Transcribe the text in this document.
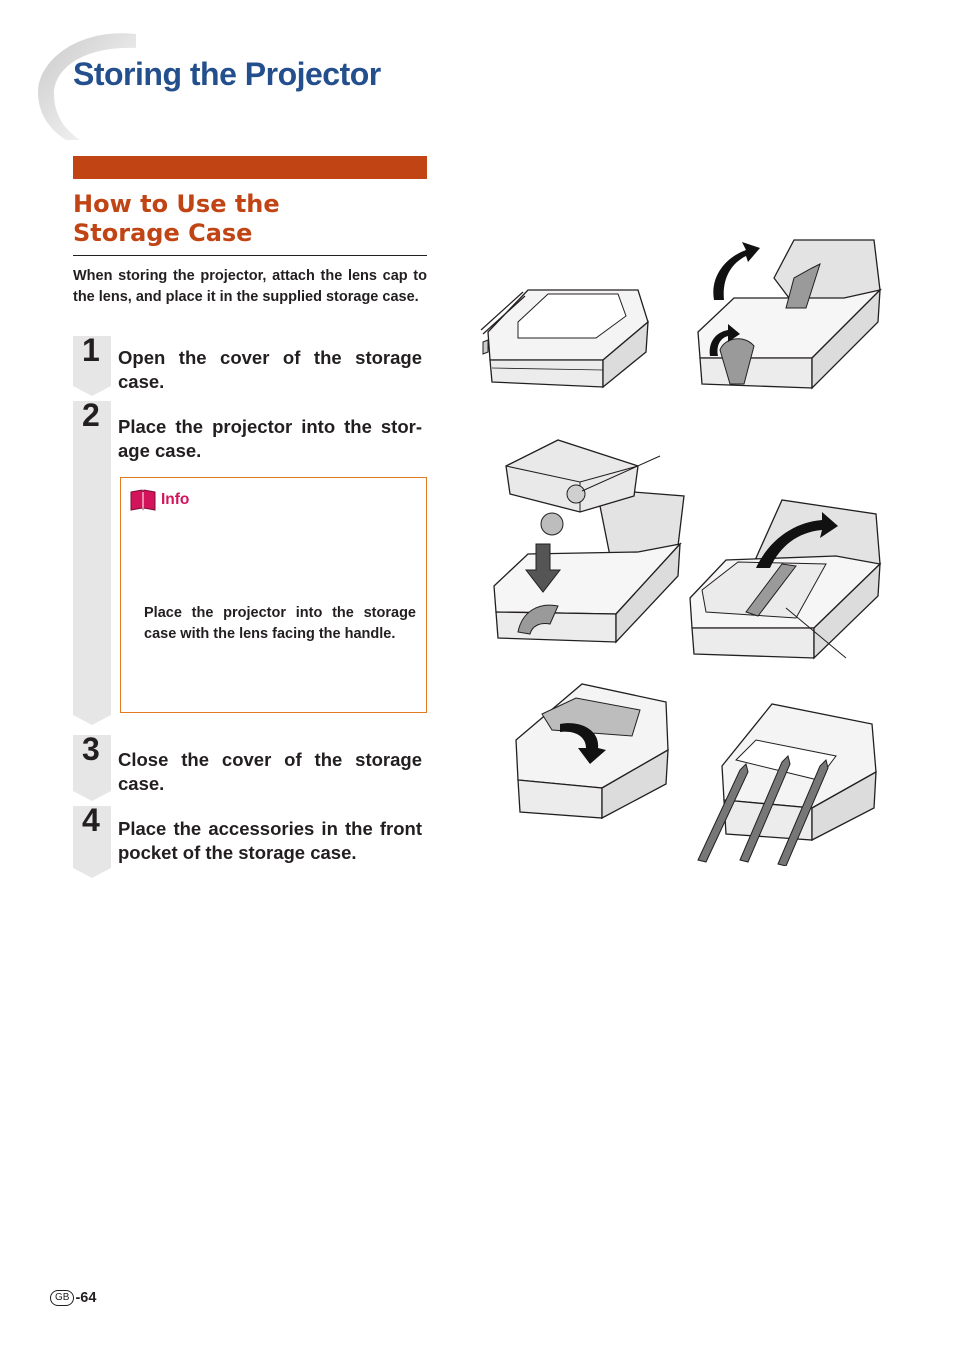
Storing the Projector
How to Use the
Storage Case

When storing the projector, attach the lens cap to the lens, and place it in the supplied storage case.

1 Open the cover of the storage case.

2 Place the projector into the stor-age case.

Info

Place the projector into the storage case with the lens facing the handle.

3 Close the cover of the storage case.

4 Place the accessories in the front pocket of the storage case.

GB -64
